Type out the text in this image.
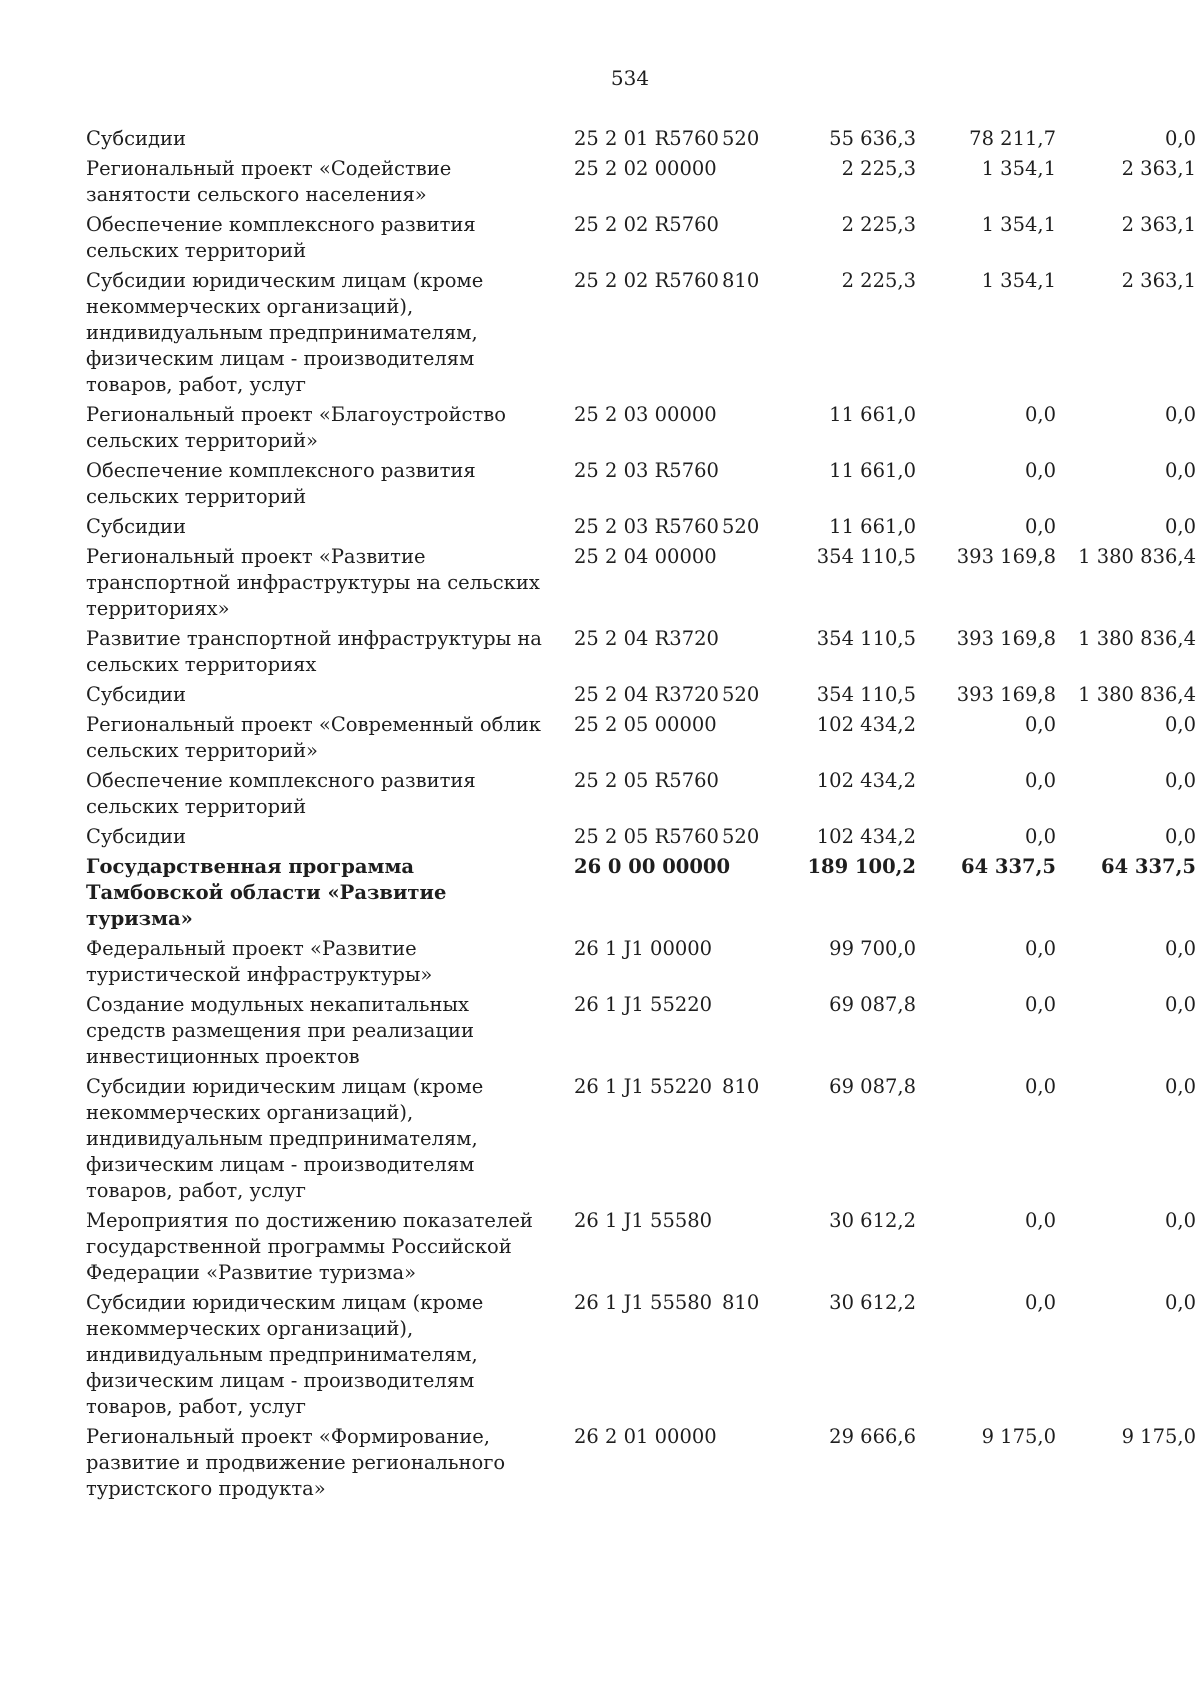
534
Субсидии	25 2 01 R5760	520	55 636,3	78 211,7	0,0
Региональный проект «Содействие занятости сельского населения»	25 2 02 00000		2 225,3	1 354,1	2 363,1
Обеспечение комплексного развития сельских территорий	25 2 02 R5760		2 225,3	1 354,1	2 363,1
Субсидии юридическим лицам (кроме некоммерческих организаций), индивидуальным предпринимателям, физическим лицам - производителям товаров, работ, услуг	25 2 02 R5760	810	2 225,3	1 354,1	2 363,1
Региональный проект «Благоустройство сельских территорий»	25 2 03 00000		11 661,0	0,0	0,0
Обеспечение комплексного развития сельских территорий	25 2 03 R5760		11 661,0	0,0	0,0
Субсидии	25 2 03 R5760	520	11 661,0	0,0	0,0
Региональный проект «Развитие транспортной инфраструктуры на сельских территориях»	25 2 04 00000		354 110,5	393 169,8	1 380 836,4
Развитие транспортной инфраструктуры на сельских территориях	25 2 04 R3720		354 110,5	393 169,8	1 380 836,4
Субсидии	25 2 04 R3720	520	354 110,5	393 169,8	1 380 836,4
Региональный проект «Современный облик сельских территорий»	25 2 05 00000		102 434,2	0,0	0,0
Обеспечение комплексного развития сельских территорий	25 2 05 R5760		102 434,2	0,0	0,0
Субсидии	25 2 05 R5760	520	102 434,2	0,0	0,0
Государственная программа Тамбовской области «Развитие туризма»	26 0 00 00000		189 100,2	64 337,5	64 337,5
Федеральный проект «Развитие туристической инфраструктуры»	26 1 J1 00000		99 700,0	0,0	0,0
Создание модульных некапитальных средств размещения при реализации инвестиционных проектов	26 1 J1 55220		69 087,8	0,0	0,0
Субсидии юридическим лицам (кроме некоммерческих организаций), индивидуальным предпринимателям, физическим лицам - производителям товаров, работ, услуг	26 1 J1 55220	810	69 087,8	0,0	0,0
Мероприятия по достижению показателей государственной программы Российской Федерации «Развитие туризма»	26 1 J1 55580		30 612,2	0,0	0,0
Субсидии юридическим лицам (кроме некоммерческих организаций), индивидуальным предпринимателям, физическим лицам - производителям товаров, работ, услуг	26 1 J1 55580	810	30 612,2	0,0	0,0
Региональный проект «Формирование, развитие и продвижение регионального туристского продукта»	26 2 01 00000		29 666,6	9 175,0	9 175,0
